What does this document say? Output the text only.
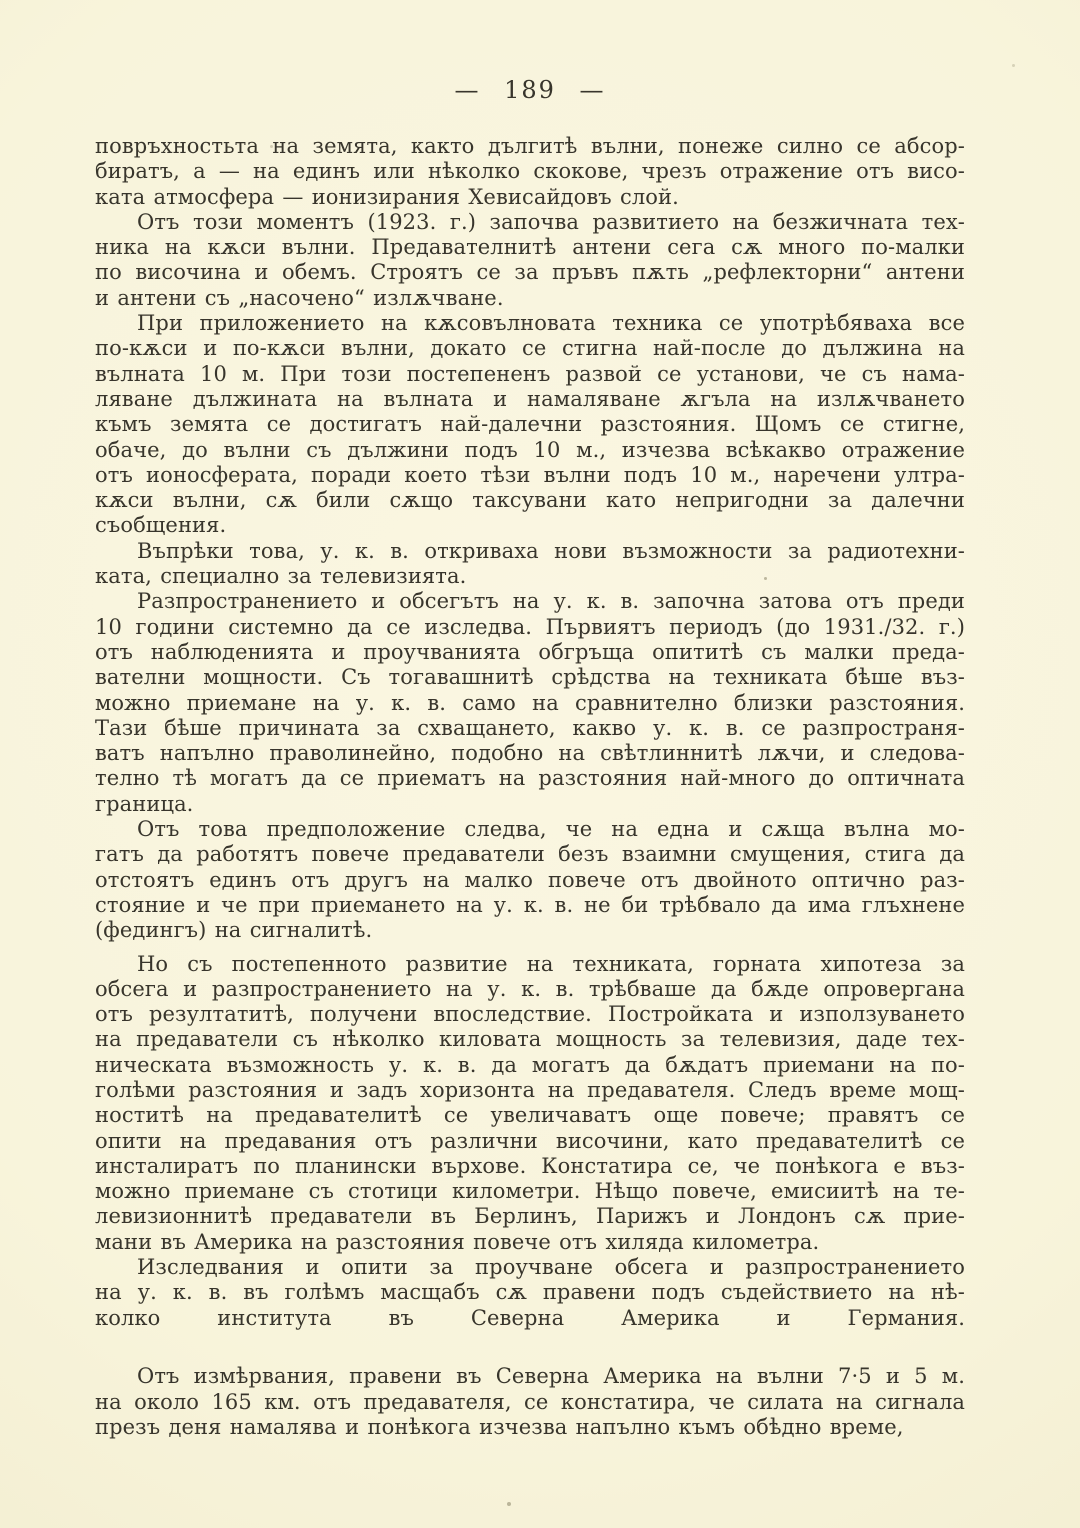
— 189 —

повръхностьта на земята, както дългитѣ вълни, понеже силно се абсор-
биратъ, а — на единъ или нѣколко скокове, чрезъ отражение отъ висо-
ката атмосфера — ионизирания Хевисайдовъ слой.

Отъ този моментъ (1923. г.) започва развитието на безжичната тех-
ника на кѫси вълни. Предавателнитѣ антени сега сѫ много по-малки
по височина и обемъ. Строятъ се за пръвъ пѫть „рефлекторни“ антени
и антени съ „насочено“ излѫчване.

При приложението на кѫсовълновата техника се употрѣбяваха все
по-кѫси и по-кѫси вълни, докато се стигна най-после до дължина на
вълната 10 м. При този постепененъ развой се установи, че съ нама-
ляване дължината на вълната и намаляване ѫгъла на излѫчването
къмъ земята се достигатъ най-далечни разстояния. Щомъ се стигне,
обаче, до вълни съ дължини подъ 10 м., изчезва всѣкакво отражение
отъ ионосферата, поради което тѣзи вълни подъ 10 м., наречени ултра-
кѫси вълни, сѫ били сѫщо таксувани като непригодни за далечни
съобщения.

Въпрѣки това, у. к. в. откриваха нови възможности за радиотехни-
ката, специално за телевизията.

Разпространението и обсегътъ на у. к. в. започна затова отъ преди
10 години системно да се изследва. Първиятъ периодъ (до 1931./32. г.)
отъ наблюденията и проучванията обгръща опититѣ съ малки преда-
вателни мощности. Съ тогавашнитѣ срѣдства на техниката бѣше въз-
можно приемане на у. к. в. само на сравнително близки разстояния.
Тази бѣше причината за схващането, какво у. к. в. се разпространя-
ватъ напълно праволинейно, подобно на свѣтлиннитѣ лѫчи, и следова-
телно тѣ могатъ да се приематъ на разстояния най-много до оптичната
граница.

Отъ това предположение следва, че на една и сѫща вълна мо-
гатъ да работятъ повече предаватели безъ взаимни смущения, стига да
отстоятъ единъ отъ другъ на малко повече отъ двойното оптично раз-
стояние и че при приемането на у. к. в. не би трѣбвало да има глъхнене
(федингъ) на сигналитѣ.

Но съ постепенното развитие на техниката, горната хипотеза за
обсега и разпространението на у. к. в. трѣбваше да бѫде опровергана
отъ резултатитѣ, получени впоследствие. Постройката и използуването
на предаватели съ нѣколко киловата мощность за телевизия, даде тех-
ническата възможность у. к. в. да могатъ да бѫдатъ приемани на по-
голѣми разстояния и задъ хоризонта на предавателя. Следъ време мощ-
ноститѣ на предавателитѣ се увеличаватъ още повече; правятъ се
опити на предавания отъ различни височини, като предавателитѣ се
инсталиратъ по планински върхове. Констатира се, че понѣкога е въз-
можно приемане съ стотици километри. Нѣщо повече, емисиитѣ на те-
левизионнитѣ предаватели въ Берлинъ, Парижъ и Лондонъ сѫ прие-
мани въ Америка на разстояния повече отъ хиляда километра.

Изследвания и опити за проучване обсега и разпространението
на у. к. в. въ голѣмъ масщабъ сѫ правени подъ съдействието на нѣ-
колко института въ Северна Америка и Германия.

Отъ измѣрвания, правени въ Северна Америка на вълни 7·5 и 5 м.
на около 165 км. отъ предавателя, се констатира, че силата на сигнала
презъ деня намалява и понѣкога изчезва напълно къмъ обѣдно време,
